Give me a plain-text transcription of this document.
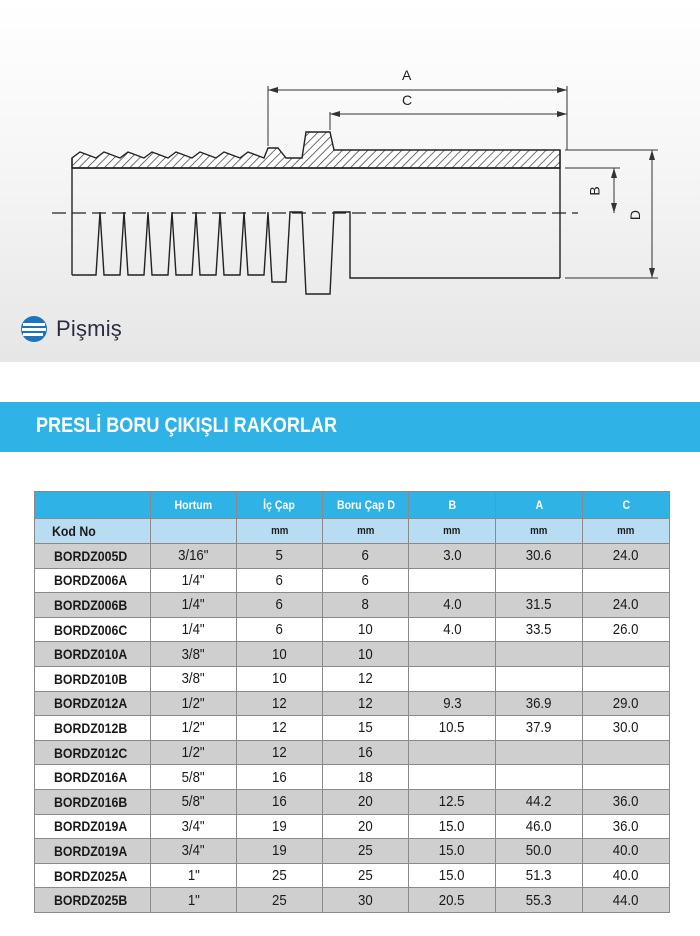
A
C
B
D
Pişmiş
PRESLİ BORU ÇIKIŞLI RAKORLAR
	Hortum	İç Çap	Boru Çap D	B	A	C
Kod No		mm	mm	mm	mm	mm
BORDZ005D	3/16"	5	6	3.0	30.6	24.0
BORDZ006A	1/4"	6	6			
BORDZ006B	1/4"	6	8	4.0	31.5	24.0
BORDZ006C	1/4"	6	10	4.0	33.5	26.0
BORDZ010A	3/8"	10	10			
BORDZ010B	3/8"	10	12			
BORDZ012A	1/2"	12	12	9.3	36.9	29.0
BORDZ012B	1/2"	12	15	10.5	37.9	30.0
BORDZ012C	1/2"	12	16			
BORDZ016A	5/8"	16	18			
BORDZ016B	5/8"	16	20	12.5	44.2	36.0
BORDZ019A	3/4"	19	20	15.0	46.0	36.0
BORDZ019A	3/4"	19	25	15.0	50.0	40.0
BORDZ025A	1"	25	25	15.0	51.3	40.0
BORDZ025B	1"	25	30	20.5	55.3	44.0
